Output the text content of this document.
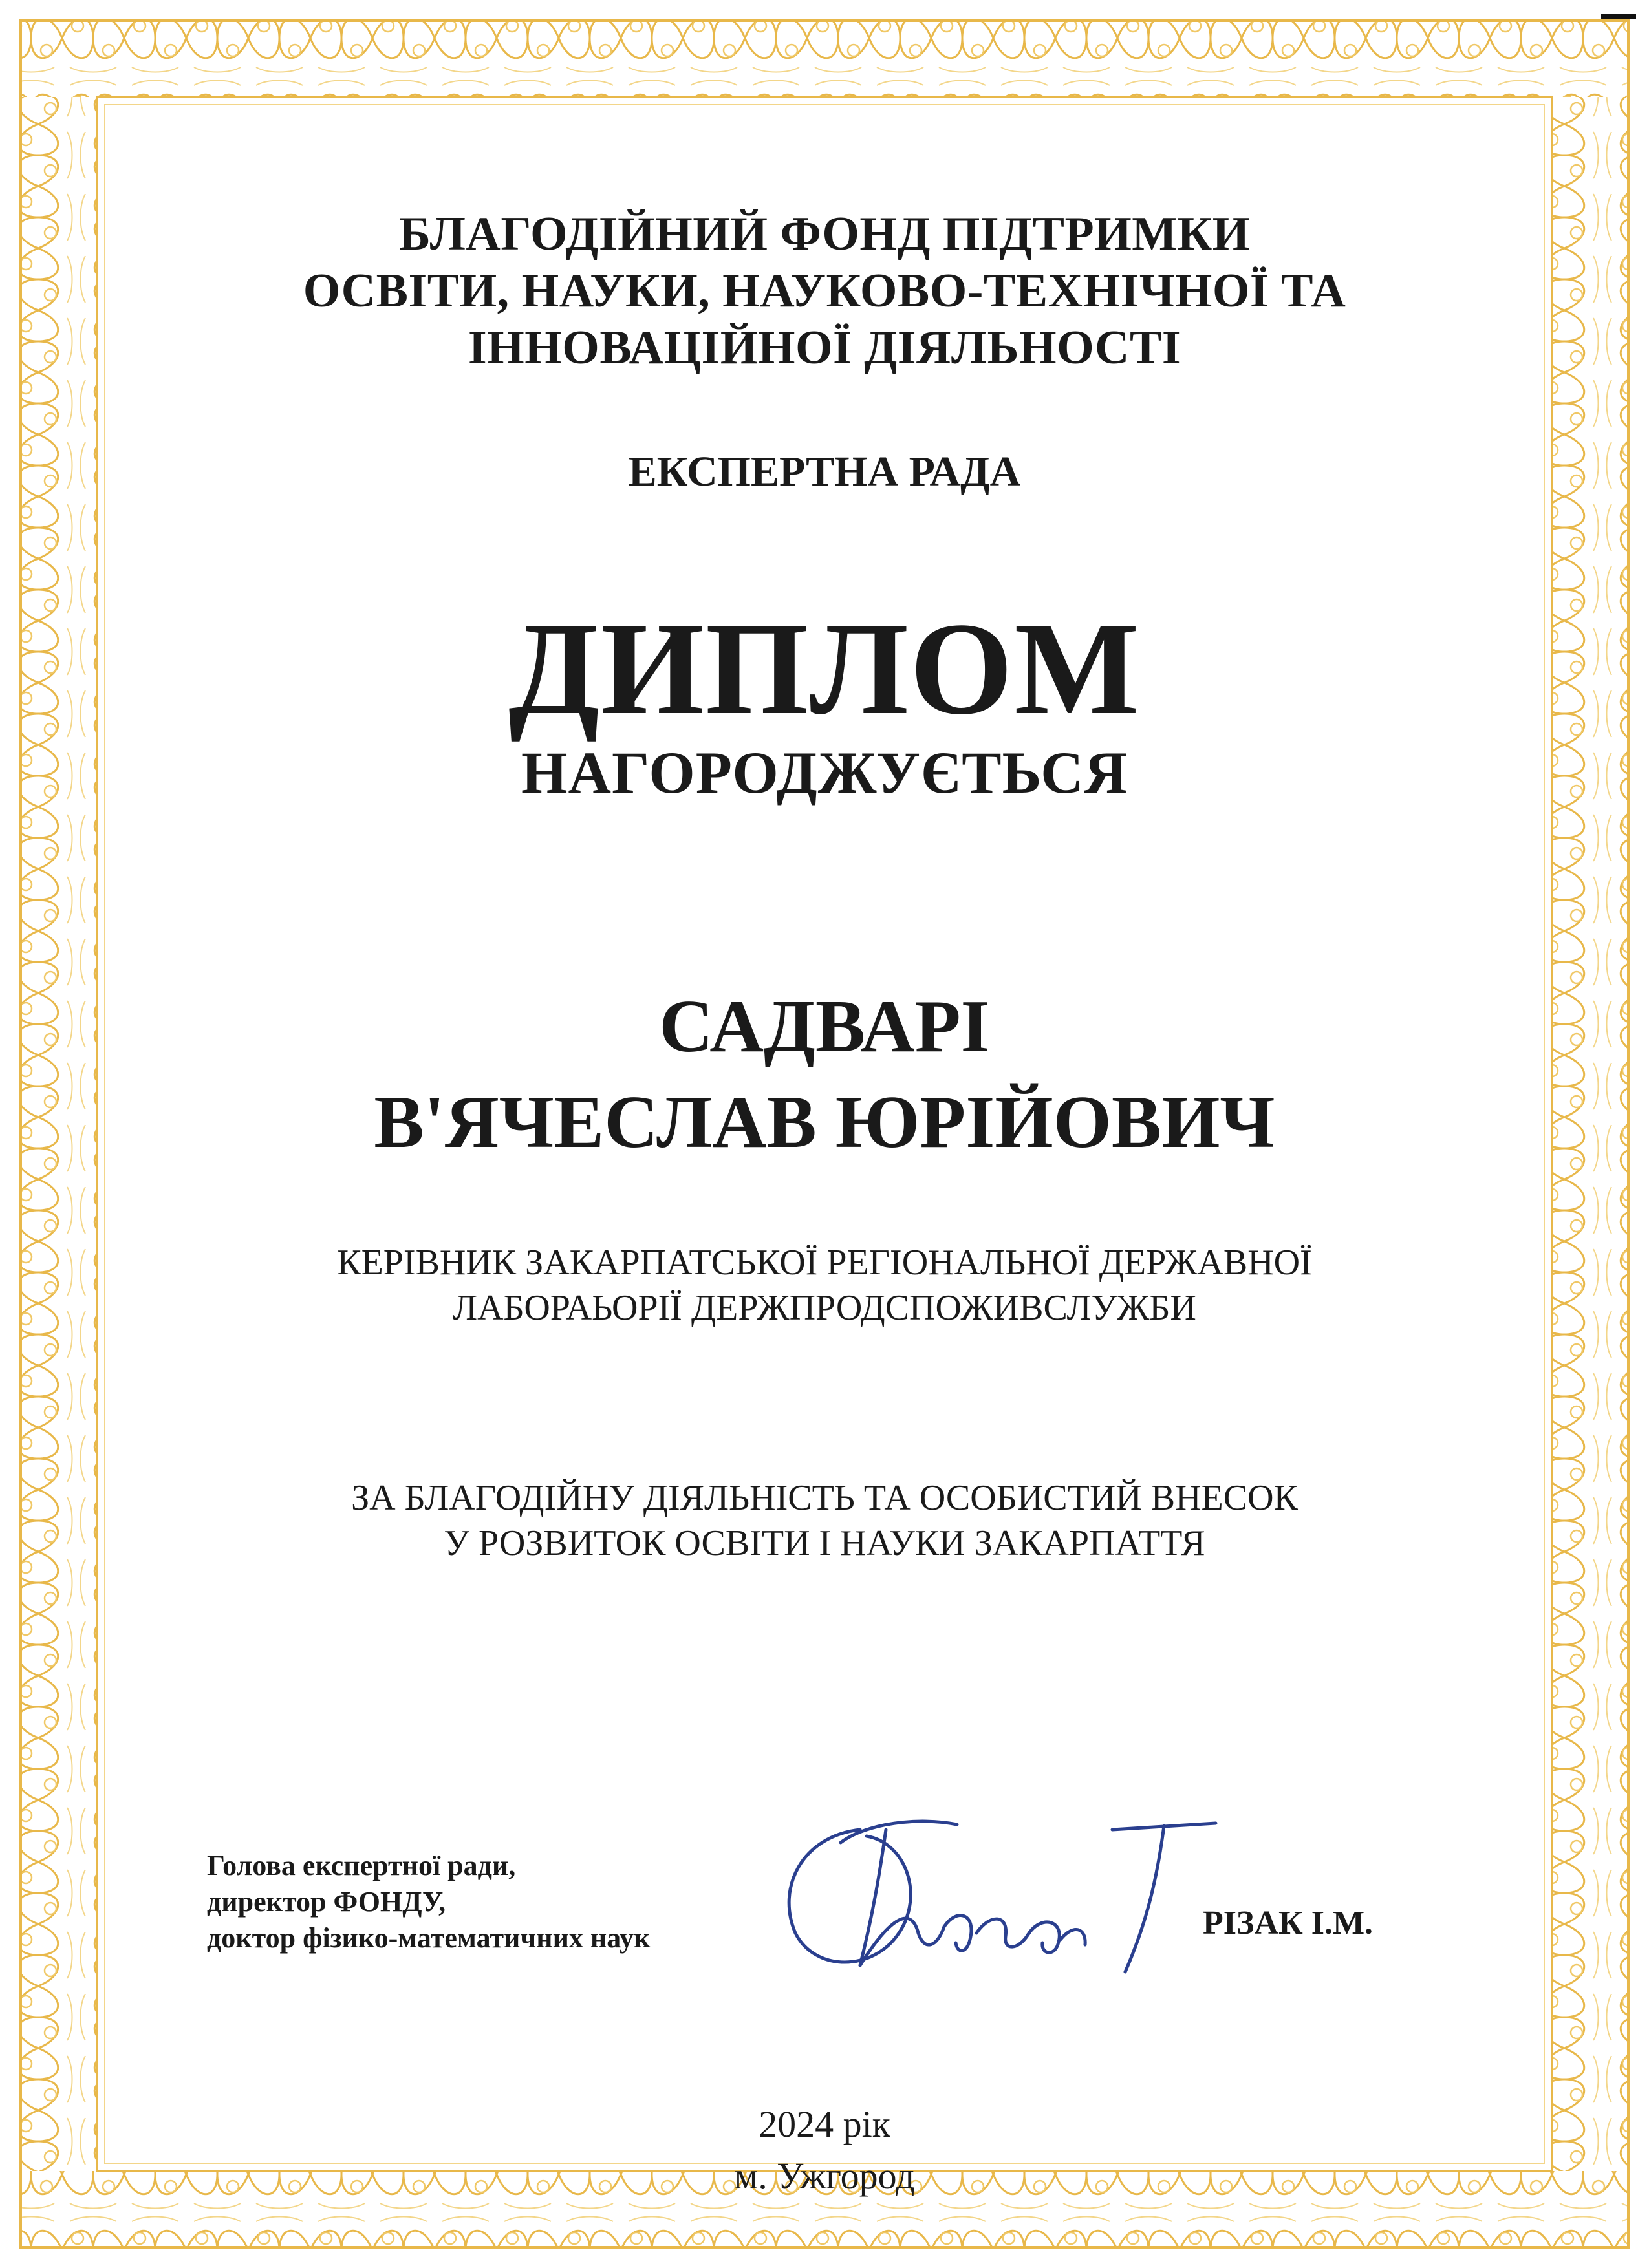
БЛАГОДІЙНИЙ ФОНД ПІДТРИМКИ
ОСВІТИ, НАУКИ, НАУКОВО-ТЕХНІЧНОЇ ТА
ІННОВАЦІЙНОЇ ДІЯЛЬНОСТІ
ЕКСПЕРТНА РАДА
ДИПЛОМ
НАГОРОДЖУЄТЬСЯ

САДВАРІ

В'ЯЧЕСЛАВ ЮРІЙОВИЧ

КЕРІВНИК ЗАКАРПАТСЬКОЇ РЕГІОНАЛЬНОЇ ДЕРЖАВНОЇ
ЛАБОРАЬОРІЇ ДЕРЖПРОДСПОЖИВСЛУЖБИ

ЗА БЛАГОДІЙНУ ДІЯЛЬНІСТЬ ТА ОСОБИСТИЙ ВНЕСОК
У РОЗВИТОК ОСВІТИ І НАУКИ ЗАКАРПАТТЯ

Голова експертної ради,
директор ФОНДУ,
доктор фізико-математичних наук	РІЗАК І.М.

2024 рік

м. Ужгород
